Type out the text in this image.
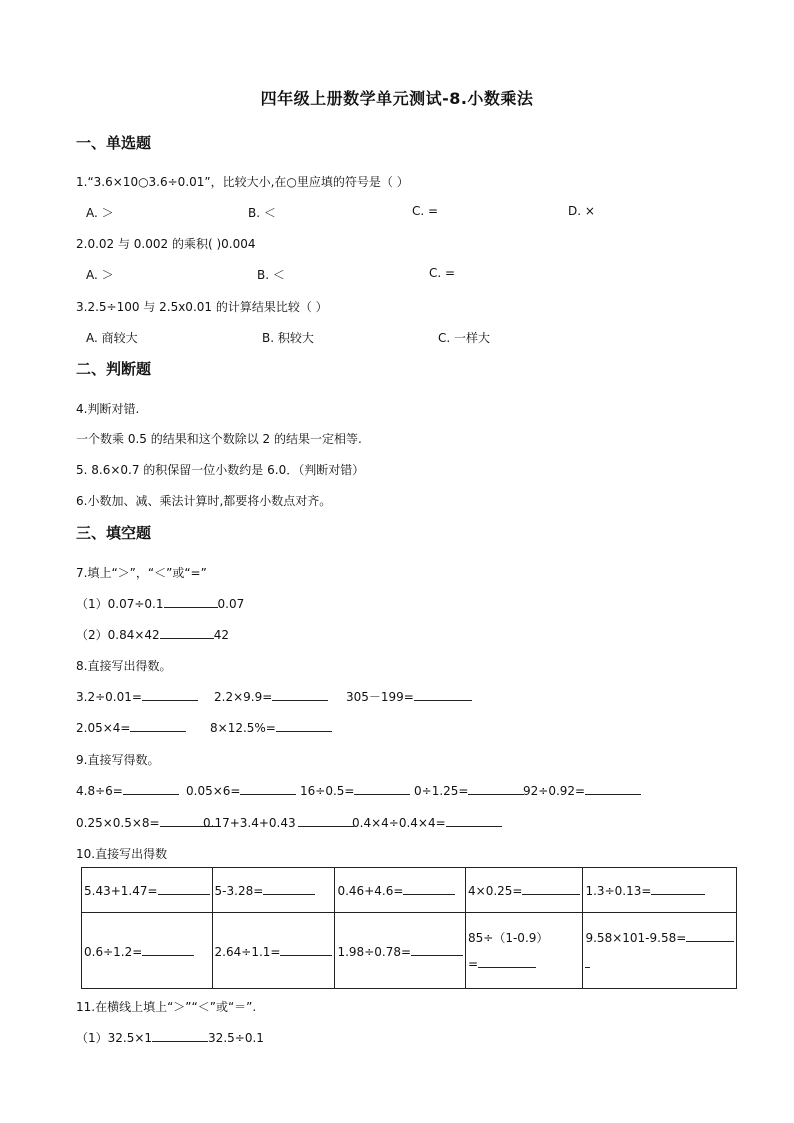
四年级上册数学单元测试-8.小数乘法
一、单选题
1.“3.6×10○3.6÷0.01”，比较大小,在○里应填的符号是（ ）
A. ＞	B. ＜	C. =	D. ×
2.0.02 与 0.002 的乘积( )0.004
A. ＞	B. ＜	C. =
3.2.5÷100 与 2.5x0.01 的计算结果比较（ ）
A. 商较大	B. 积较大	C. 一样大
二、判断题
4.判断对错.
一个数乘 0.5 的结果和这个数除以 2 的结果一定相等.
5. 8.6×0.7 的积保留一位小数约是 6.0．（判断对错）
6.小数加、减、乘法计算时,都要将小数点对齐。
三、填空题
7.填上“＞”，“＜”或“=”
（1）0.07÷0.1	0.07
（2）0.84×42	42
8.直接写出得数。
3.2÷0.01=	2.2×9.9=	305－199=
2.05×4=	8×12.5%=
9.直接写得数。
4.8÷6=	0.05×6=	16÷0.5=	0÷1.25=	92÷0.92=
0.25×0.5×8=	0.17+3.4+0.43	0.4×4÷0.4×4=
10.直接写出得数
5.43+1.47=	5-3.28=	0.46+4.6=	4×0.25=	1.3÷0.13=
0.6÷1.2=	2.64÷1.1=	1.98÷0.78=	85÷（1-0.9）
=	9.58×101-9.58=

11.在横线上填上“＞”“＜”或“＝”.
（1）32.5×1	32.5÷0.1
